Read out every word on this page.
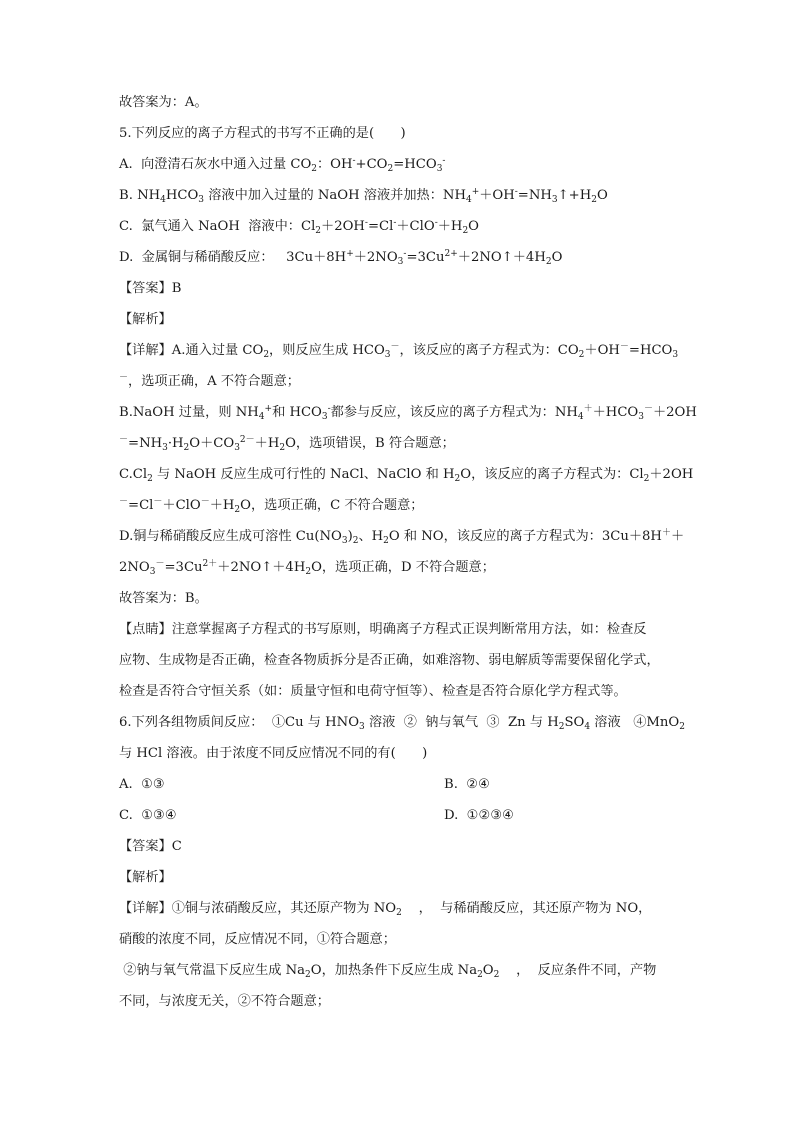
故答案为：A。
5.下列反应的离子方程式的书写不正确的是(　　)
A.  向澄清石灰水中通入过量 $CO_2$：$OH^-+CO_2=HCO_3^-$
B. $NH_4HCO_3$ 溶液中加入过量的 NaOH 溶液并加热：$NH_4^++OH^-=NH_3↑+H_2O$
C.  氯气通入 NaOH  溶液中：$Cl_2+2OH^-=Cl^-+ClO^-+H_2O$
D.  金属铜与稀硝酸反应：   $3Cu+8H^++2NO_3^-=3Cu^{2+}+2NO↑+4H_2O$
【答案】B
【解析】
【详解】A.通入过量 $CO_2$，则反应生成 $HCO_3^-$，该反应的离子方程式为：$CO_2+OH^-=HCO_3$
－，选项正确，A 不符合题意；
B.NaOH 过量，则 $NH_4^+$和 $HCO_3^-$都参与反应，该反应的离子方程式为：$NH_4^++HCO_3^-+2OH$
$^-=NH_3\cdot H_2O+CO_3^{2-}+H_2O$，选项错误，B 符合题意；
$C.Cl_2$ 与 NaOH 反应生成可行性的 NaCl、NaClO 和 $H_2O$，该反应的离子方程式为：$Cl_2+2OH$
$^-=Cl^-+ClO^-+H_2O$，选项正确，C 不符合题意；
D.铜与稀硝酸反应生成可溶性 $Cu(NO_3)_2$、$H_2O$ 和 NO，该反应的离子方程式为：3Cu＋8H＋＋
$2NO_3^-=3Cu^{2+}+2NO↑+4H_2O$，选项正确，D 不符合题意；
故答案为：B。
【点睛】注意掌握离子方程式的书写原则，明确离子方程式正误判断常用方法，如：检查反
应物、生成物是否正确，检查各物质拆分是否正确，如难溶物、弱电解质等需要保留化学式，
检查是否符合守恒关系（如：质量守恒和电荷守恒等）、检查是否符合原化学方程式等。
6.下列各组物质间反应：  ①Cu 与 $HNO_3$ 溶液  ②  钠与氧气  ③  Zn 与 $H_2SO_4$ 溶液   ④MnO$_2$
与 HCl 溶液。由于浓度不同反应情况不同的有(　　)
A.  ①③	B.  ②④
C.  ①③④	D.  ①②③④
【答案】C
【解析】
【详解】①铜与浓硝酸反应，其还原产物为 $NO_2$    ，  与稀硝酸反应，其还原产物为 NO，
硝酸的浓度不同，反应情况不同，①符合题意；
②钠与氧气常温下反应生成 $Na_2O$，加热条件下反应生成 $Na_2O_2$    ，  反应条件不同，产物
不同，与浓度无关，②不符合题意；
